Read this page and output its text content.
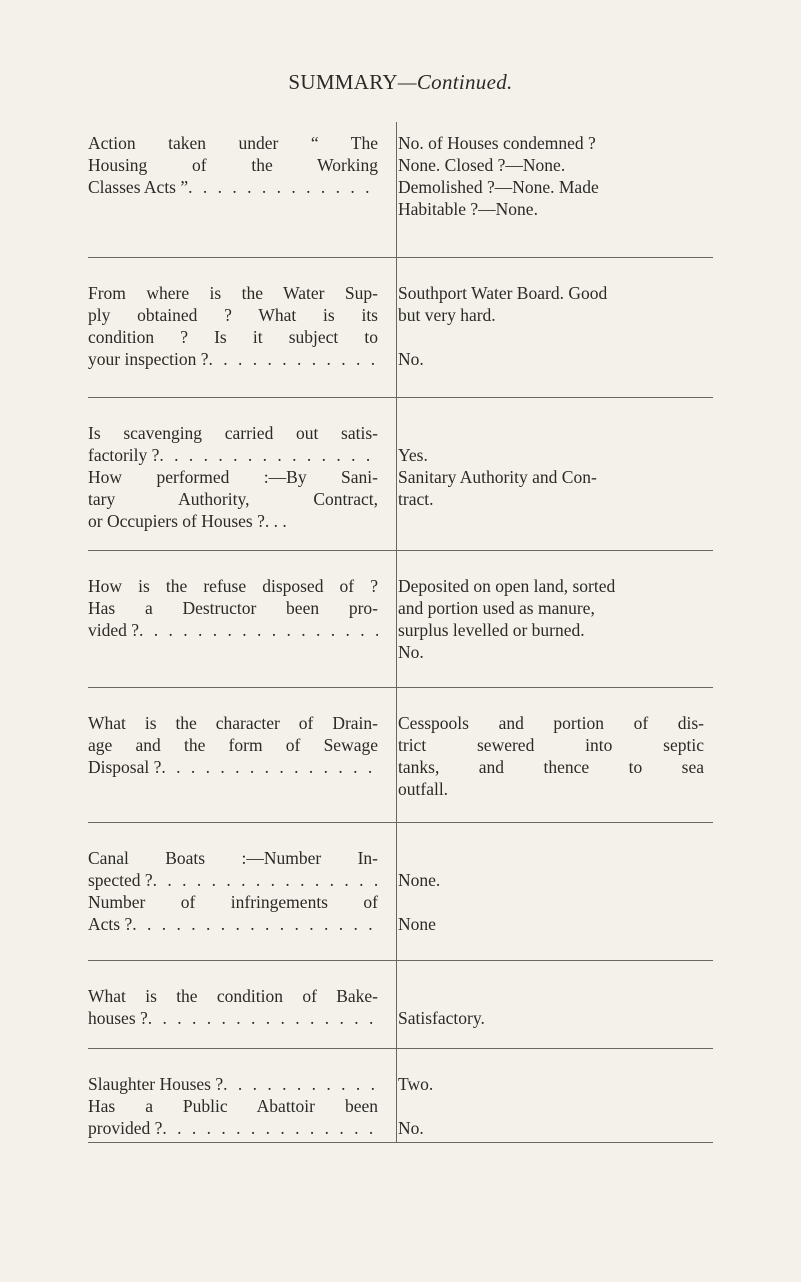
SUMMARY—Continued.
Action taken under “ The
Housing of the Working
Classes Acts ”
. . .
No. of Houses condemned ?
None. Closed ?—None.
Demolished ?—None. Made
Habitable ?—None.
From where is the Water Sup-
ply obtained ? What is its
condition ? Is it subject to
your inspection ?
. . .
Southport Water Board. Good
but very hard.
No.
Is scavenging carried out satis-
factorily ?
. . .
How performed :—By Sani-
tary Authority, Contract,
or Occupiers of Houses ?. . .
Yes.
Sanitary Authority and Con-
tract.
How is the refuse disposed of ?
Has a Destructor been pro-
vided ?
. . .
Deposited on open land, sorted
and portion used as manure,
surplus levelled or burned.
No.
What is the character of Drain-
age and the form of Sewage
Disposal ?
. . .
Cesspools and portion of dis-
trict sewered into septic
tanks, and thence to sea
outfall.
Canal Boats :—Number In-
spected ?
. . .
Number of infringements of
Acts ?
. . .
None.
None
What is the condition of Bake-
houses ?
. . .	Satisfactory.
Slaughter Houses ?
. . .
Has a Public Abattoir been
provided ?
. . .
Two.
No.
